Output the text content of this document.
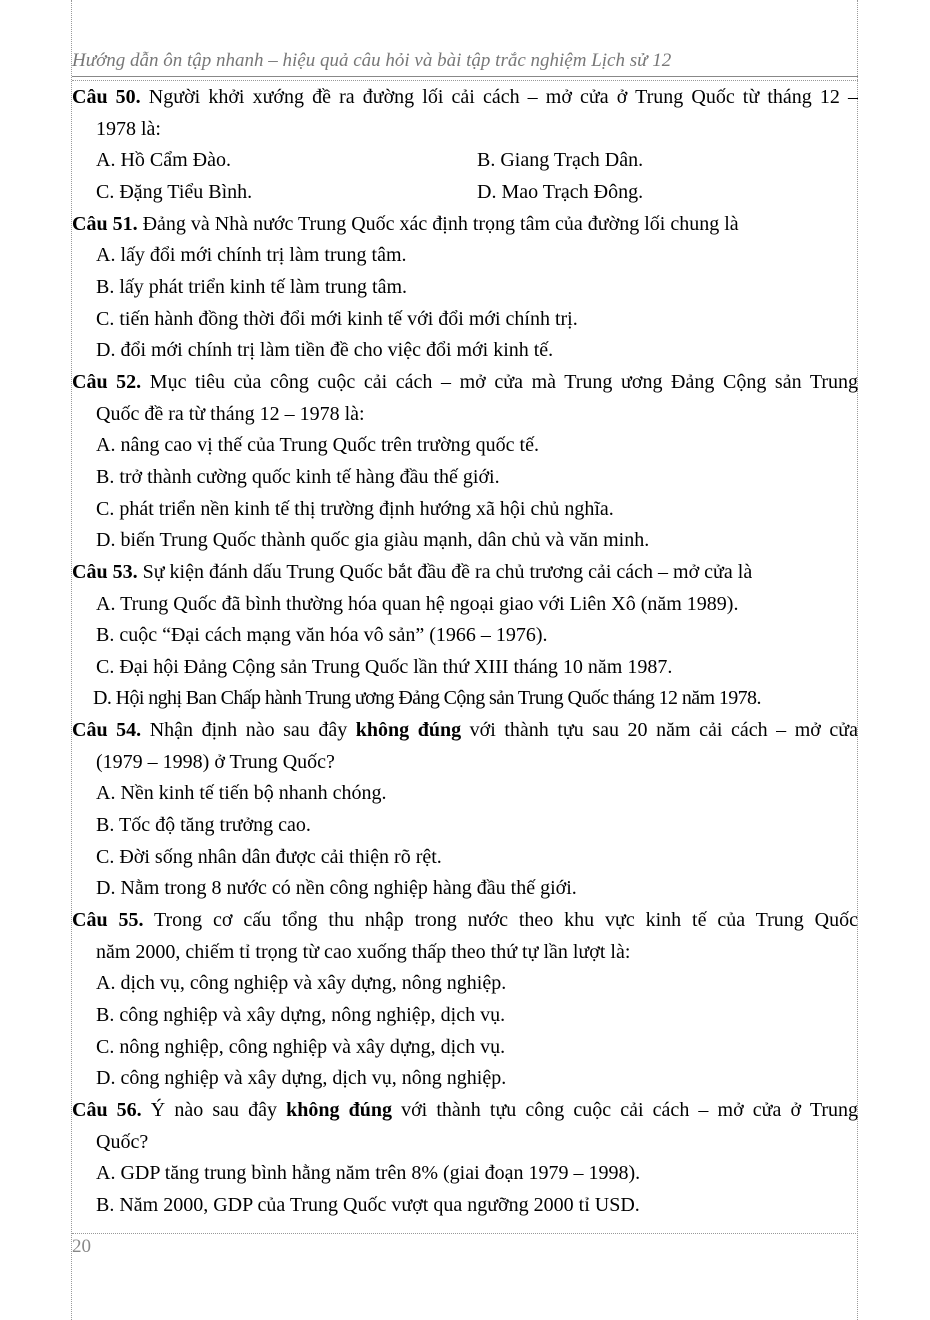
Hướng dẫn ôn tập nhanh – hiệu quả câu hỏi và bài tập trắc nghiệm Lịch sử 12
Câu 50. Người khởi xướng đề ra đường lối cải cách – mở cửa ở Trung Quốc từ tháng 12 –
1978 là:
A. Hồ Cẩm Đào.	B. Giang Trạch Dân.
C. Đặng Tiểu Bình.	D. Mao Trạch Đông.
Câu 51. Đảng và Nhà nước Trung Quốc xác định trọng tâm của đường lối chung là
A. lấy đổi mới chính trị làm trung tâm.
B. lấy phát triển kinh tế làm trung tâm.
C. tiến hành đồng thời đổi mới kinh tế với đổi mới chính trị.
D. đổi mới chính trị làm tiền đề cho việc đổi mới kinh tế.
Câu 52. Mục tiêu của công cuộc cải cách – mở cửa mà Trung ương Đảng Cộng sản Trung
Quốc đề ra từ tháng 12 – 1978 là:
A. nâng cao vị thế của Trung Quốc trên trường quốc tế.
B. trở thành cường quốc kinh tế hàng đầu thế giới.
C. phát triển nền kinh tế thị trường định hướng xã hội chủ nghĩa.
D. biến Trung Quốc thành quốc gia giàu mạnh, dân chủ và văn minh.
Câu 53. Sự kiện đánh dấu Trung Quốc bắt đầu đề ra chủ trương cải cách – mở cửa là
A. Trung Quốc đã bình thường hóa quan hệ ngoại giao với Liên Xô (năm 1989).
B. cuộc “Đại cách mạng văn hóa vô sản” (1966 – 1976).
C. Đại hội Đảng Cộng sản Trung Quốc lần thứ XIII tháng 10 năm 1987.
D. Hội nghị Ban Chấp hành Trung ương Đảng Cộng sản Trung Quốc tháng 12 năm 1978.
Câu 54. Nhận định nào sau đây không đúng với thành tựu sau 20 năm cải cách – mở cửa
(1979 – 1998) ở Trung Quốc?
A. Nền kinh tế tiến bộ nhanh chóng.
B. Tốc độ tăng trưởng cao.
C. Đời sống nhân dân được cải thiện rõ rệt.
D. Nằm trong 8 nước có nền công nghiệp hàng đầu thế giới.
Câu 55. Trong cơ cấu tổng thu nhập trong nước theo khu vực kinh tế của Trung Quốc
năm 2000, chiếm tỉ trọng từ cao xuống thấp theo thứ tự lần lượt là:
A. dịch vụ, công nghiệp và xây dựng, nông nghiệp.
B. công nghiệp và xây dựng, nông nghiệp, dịch vụ.
C. nông nghiệp, công nghiệp và xây dựng, dịch vụ.
D. công nghiệp và xây dựng, dịch vụ, nông nghiệp.
Câu 56. Ý nào sau đây không đúng với thành tựu công cuộc cải cách – mở cửa ở Trung
Quốc?
A. GDP tăng trung bình hằng năm trên 8% (giai đoạn 1979 – 1998).
B. Năm 2000, GDP của Trung Quốc vượt qua ngưỡng 2000 tỉ USD.
20
